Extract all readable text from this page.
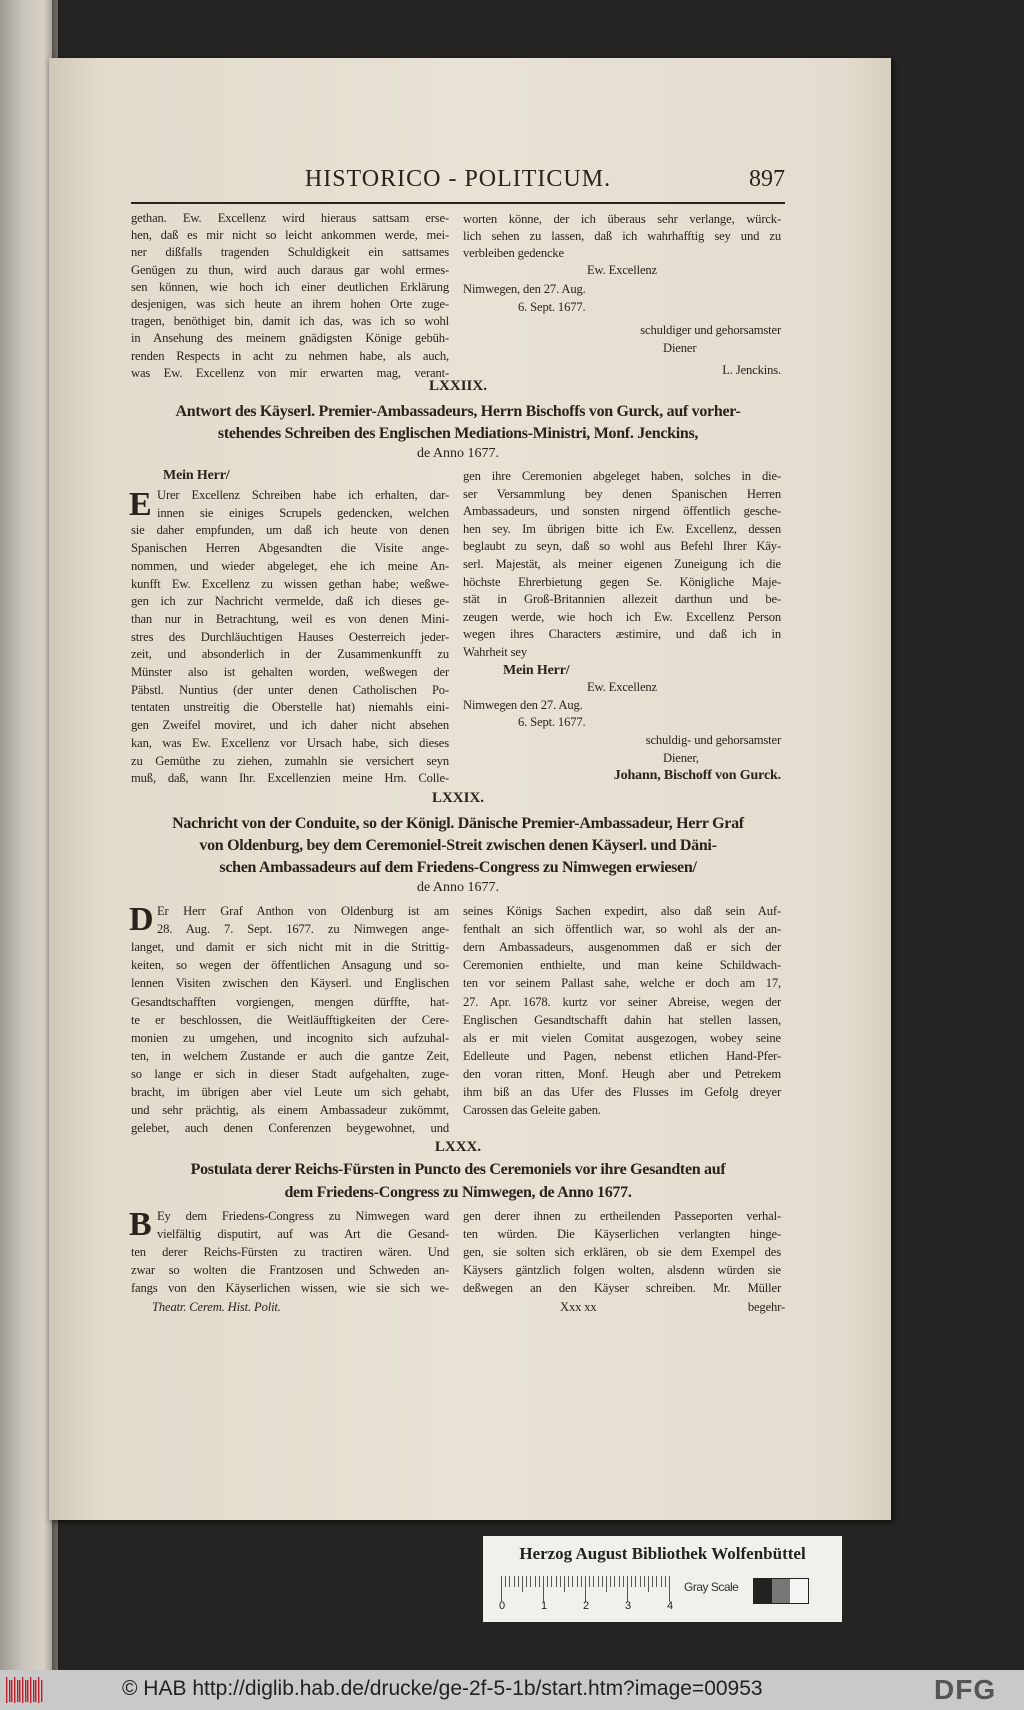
HISTORICO - POLITICUM.	897
LXXIIX.
Antwort des Käyserl. Premier-Ambassadeurs, Herrn Bischoffs von Gurck, auf vorher-
stehendes Schreiben des Englischen Mediations-Ministri, Monf. Jenckins,
de Anno 1677.
LXXIX.
Nachricht von der Conduite, so der Königl. Dänische Premier-Ambassadeur, Herr Graf
von Oldenburg, bey dem Ceremoniel-Streit zwischen denen Käyserl. und Däni-
schen Ambassadeurs auf dem Friedens-Congress zu Nimwegen erwiesen/
de Anno 1677.
LXXX.
Postulata derer Reichs-Fürsten in Puncto des Ceremoniels vor ihre Gesandten auf
dem Friedens-Congress zu Nimwegen, de Anno 1677.
Mein Herr/
Theatr. Cerem. Hist. Polit.	Xxx xx	begehr-
gethan. Ew. Excellenz wird hieraus sattsam erse-
hen, daß es mir nicht so leicht ankommen werde, mei-
ner dißfalls tragenden Schuldigkeit ein sattsames
Genügen zu thun, wird auch daraus gar wohl ermes-
sen können, wie hoch ich einer deutlichen Erklärung
desjenigen, was sich heute an ihrem hohen Orte zuge-
tragen, benöthiget bin, damit ich das, was ich so wohl
in Ansehung des meinem gnädigsten Könige gebüh-
renden Respects in acht zu nehmen habe, als auch,
was Ew. Excellenz von mir erwarten mag, verant-
worten könne, der ich überaus sehr verlange, würck-
lich sehen zu lassen, daß ich wahrhafftig sey und zu
verbleiben gedencke
Ew. Excellenz
Nimwegen, den 27. Aug.
6. Sept. 1677.
schuldiger und gehorsamster
Diener
L. Jenckins.
Urer Excellenz Schreiben habe ich erhalten, dar-
innen sie einiges Scrupels gedencken, welchen
sie daher empfunden, um daß ich heute von denen
Spanischen Herren Abgesandten die Visite ange-
nommen, und wieder abgeleget, ehe ich meine An-
kunfft Ew. Excellenz zu wissen gethan habe; weßwe-
gen ich zur Nachricht vermelde, daß ich dieses ge-
than nur in Betrachtung, weil es von denen Mini-
stres des Durchläuchtigen Hauses Oesterreich jeder-
zeit, und absonderlich in der Zusammenkunfft zu
Münster also ist gehalten worden, weßwegen der
Päbstl. Nuntius (der unter denen Catholischen Po-
tentaten unstreitig die Oberstelle hat) niemahls eini-
gen Zweifel moviret, und ich daher nicht absehen
kan, was Ew. Excellenz vor Ursach habe, sich dieses
zu Gemüthe zu ziehen, zumahln sie versichert seyn
muß, daß, wann Ihr. Excellenzien meine Hrn. Colle-
E
gen ihre Ceremonien abgeleget haben, solches in die-
ser Versammlung bey denen Spanischen Herren
Ambassadeurs, und sonsten nirgend öffentlich gesche-
hen sey. Im übrigen bitte ich Ew. Excellenz, dessen
beglaubt zu seyn, daß so wohl aus Befehl Ihrer Käy-
serl. Majestät, als meiner eigenen Zuneigung ich die
höchste Ehrerbietung gegen Se. Königliche Maje-
stät in Groß-Britannien allezeit darthun und be-
zeugen werde, wie hoch ich Ew. Excellenz Person
wegen ihres Characters æstimire, und daß ich in
Wahrheit sey
Mein Herr/
Ew. Excellenz
Nimwegen den 27. Aug.
6. Sept. 1677.
schuldig- und gehorsamster
Diener,
Johann, Bischoff von Gurck.
Er Herr Graf Anthon von Oldenburg ist am
28. Aug. 7. Sept. 1677. zu Nimwegen ange-
langet, und damit er sich nicht mit in die Strittig-
keiten, so wegen der öffentlichen Ansagung und so-
lennen Visiten zwischen den Käyserl. und Englischen
Gesandtschafften vorgiengen, mengen dürffte, hat-
te er beschlossen, die Weitläufftigkeiten der Cere-
monien zu umgehen, und incognito sich aufzuhal-
ten, in welchem Zustande er auch die gantze Zeit,
so lange er sich in dieser Stadt aufgehalten, zuge-
bracht, im übrigen aber viel Leute um sich gehabt,
und sehr prächtig, als einem Ambassadeur zukömmt,
gelebet, auch denen Conferenzen beygewohnet, und
D	seines Königs Sachen expedirt, also daß sein Auf-
fenthalt an sich öffentlich war, so wohl als der an-
dern Ambassadeurs, ausgenommen daß er sich der
Ceremonien enthielte, und man keine Schildwach-
ten vor seinem Pallast sahe, welche er doch am 17,
27. Apr. 1678. kurtz vor seiner Abreise, wegen der
Englischen Gesandtschafft dahin hat stellen lassen,
als er mit vielen Comitat ausgezogen, wobey seine
Edelleute und Pagen, nebenst etlichen Hand-Pfer-
den voran ritten, Monf. Heugh aber und Petrekem
ihm biß an das Ufer des Flusses im Gefolg dreyer
Carossen das Geleite gaben.
Ey dem Friedens-Congress zu Nimwegen ward
vielfältig disputirt, auf was Art die Gesand-
ten derer Reichs-Fürsten zu tractiren wären. Und
zwar so wolten die Frantzosen und Schweden an-
fangs von den Käyserlichen wissen, wie sie sich we-
B	gen derer ihnen zu ertheilenden Passeporten verhal-
ten würden. Die Käyserlichen verlangten hinge-
gen, sie solten sich erklären, ob sie dem Exempel des
Käysers gäntzlich folgen wolten, alsdenn würden sie
deßwegen an den Käyser schreiben. Mr. Müller
Herzog August Bibliothek Wolfenbüttel
0	1	2	3	4
Gray Scale
© HAB http://diglib.hab.de/drucke/ge-2f-5-1b/start.htm?image=00953	DFG
